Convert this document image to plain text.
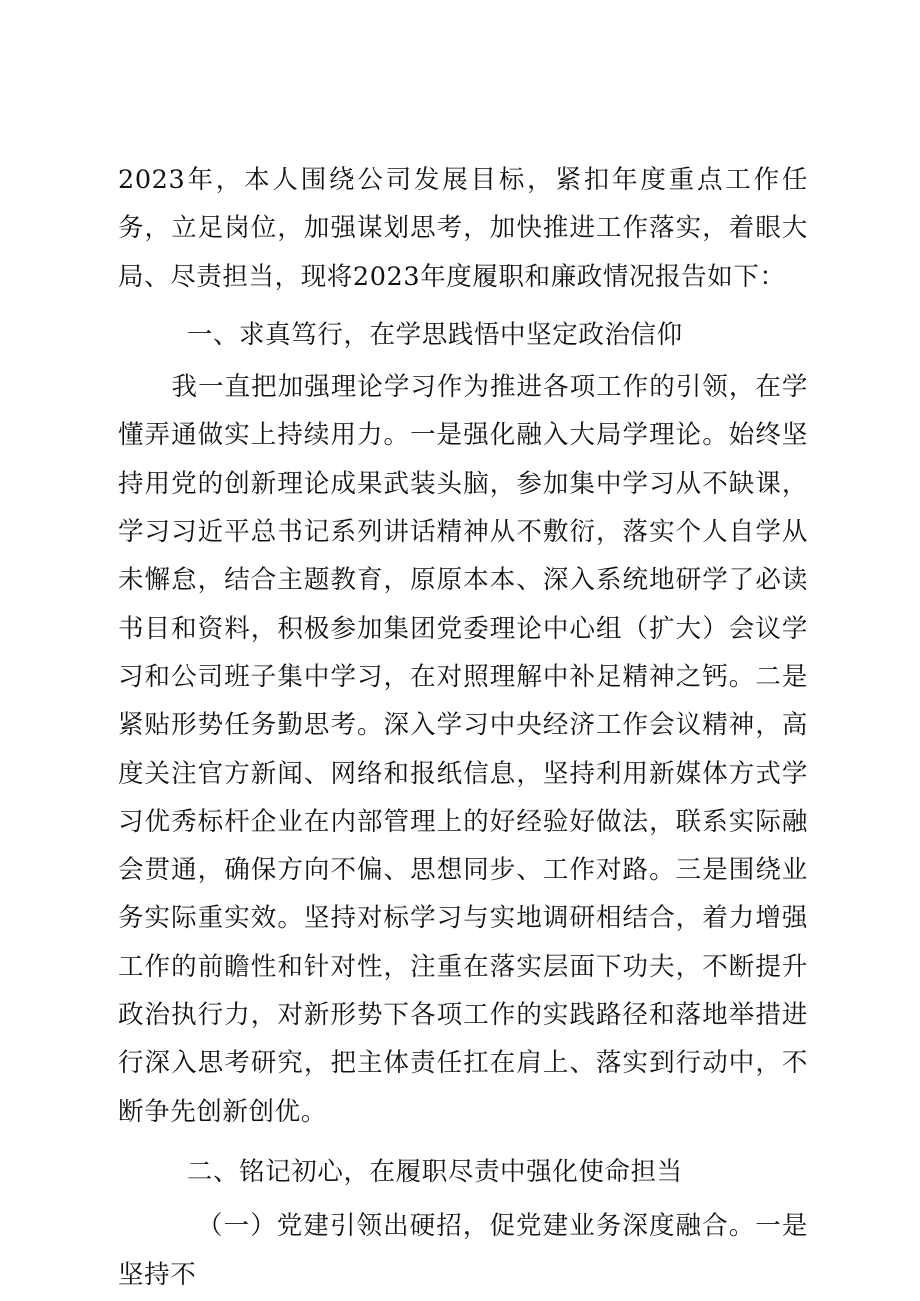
2023年，本人围绕公司发展目标，紧扣年度重点工作任务，立足岗位，加强谋划思考，加快推进工作落实，着眼大局、尽责担当，现将2023年度履职和廉政情况报告如下：

一、求真笃行，在学思践悟中坚定政治信仰

我一直把加强理论学习作为推进各项工作的引领，在学懂弄通做实上持续用力。一是强化融入大局学理论。始终坚持用党的创新理论成果武装头脑，参加集中学习从不缺课，学习习近平总书记系列讲话精神从不敷衍，落实个人自学从未懈怠，结合主题教育，原原本本、深入系统地研学了必读书目和资料，积极参加集团党委理论中心组（扩大）会议学习和公司班子集中学习，在对照理解中补足精神之钙。二是紧贴形势任务勤思考。深入学习中央经济工作会议精神，高度关注官方新闻、网络和报纸信息，坚持利用新媒体方式学习优秀标杆企业在内部管理上的好经验好做法，联系实际融会贯通，确保方向不偏、思想同步、工作对路。三是围绕业务实际重实效。坚持对标学习与实地调研相结合，着力增强工作的前瞻性和针对性，注重在落实层面下功夫，不断提升政治执行力，对新形势下各项工作的实践路径和落地举措进行深入思考研究，把主体责任扛在肩上、落实到行动中，不断争先创新创优。

二、铭记初心，在履职尽责中强化使命担当

（一）党建引领出硬招，促党建业务深度融合。一是坚持不
